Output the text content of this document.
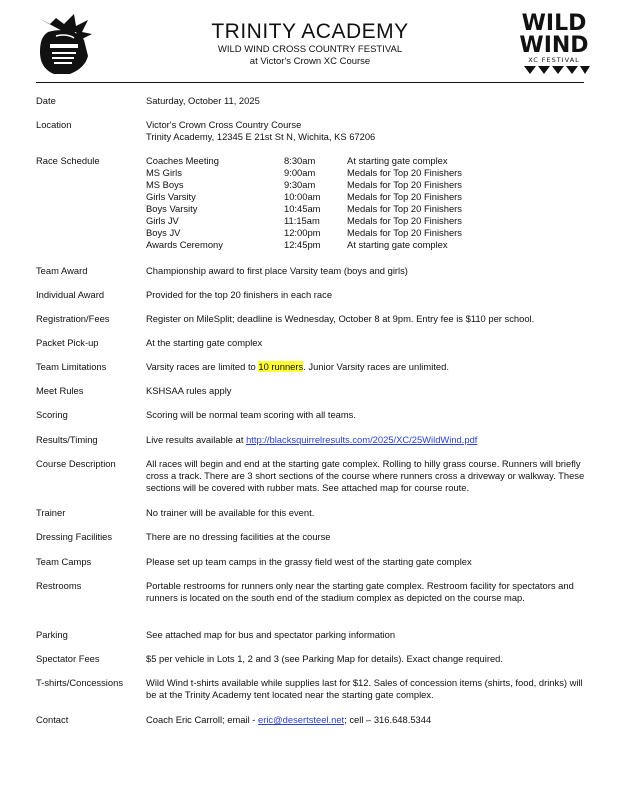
TRINITY ACADEMY
WILD WIND CROSS COUNTRY FESTIVAL
at Victor's Crown XC Course
WILD
WIND
XC FESTIVAL
Date	Saturday, October 11, 2025
Location	Victor's Crown Cross Country Course

Trinity Academy, 12345 E 21st St N, Wichita, KS 67206

Race Schedule	Coaches Meeting	8:30am	At starting gate complex
MS Girls	9:00am	Medals for Top 20 Finishers
MS Boys	9:30am	Medals for Top 20 Finishers
Girls Varsity	10:00am	Medals for Top 20 Finishers
Boys Varsity	10:45am	Medals for Top 20 Finishers
Girls JV	11:15am	Medals for Top 20 Finishers
Boys JV	12:00pm	Medals for Top 20 Finishers
Awards Ceremony	12:45pm	At starting gate complex
Team Award	Championship award to first place Varsity team (boys and girls)
Individual Award	Provided for the top 20 finishers in each race
Registration/Fees	Register on MileSplit; deadline is Wednesday, October 8 at 9pm. Entry fee is $110 per school.
Packet Pick-up	At the starting gate complex
Team Limitations	Varsity races are limited to 10 runners. Junior Varsity races are unlimited.
Meet Rules	KSHSAA rules apply
Scoring	Scoring will be normal team scoring with all teams.
Results/Timing	Live results available at http://blacksquirrelresults.com/2025/XC/25WildWind.pdf
Course Description	All races will begin and end at the starting gate complex. Rolling to hilly grass course. Runners will briefly cross a track. There are 3 short sections of the course where runners cross a driveway or walkway. These sections will be covered with rubber mats. See attached map for course route.
Trainer	No trainer will be available for this event.
Dressing Facilities	There are no dressing facilities at the course
Team Camps	Please set up team camps in the grassy field west of the starting gate complex
Restrooms	Portable restrooms for runners only near the starting gate complex. Restroom facility for spectators and runners is located on the south end of the stadium complex as depicted on the course map.
Parking	See attached map for bus and spectator parking information
Spectator Fees	$5 per vehicle in Lots 1, 2 and 3 (see Parking Map for details). Exact change required.
T-shirts/Concessions	Wild Wind t-shirts available while supplies last for $12. Sales of concession items (shirts, food, drinks) will be at the Trinity Academy tent located near the starting gate complex.
Contact	Coach Eric Carroll; email - eric@desertsteel.net; cell – 316.648.5344
